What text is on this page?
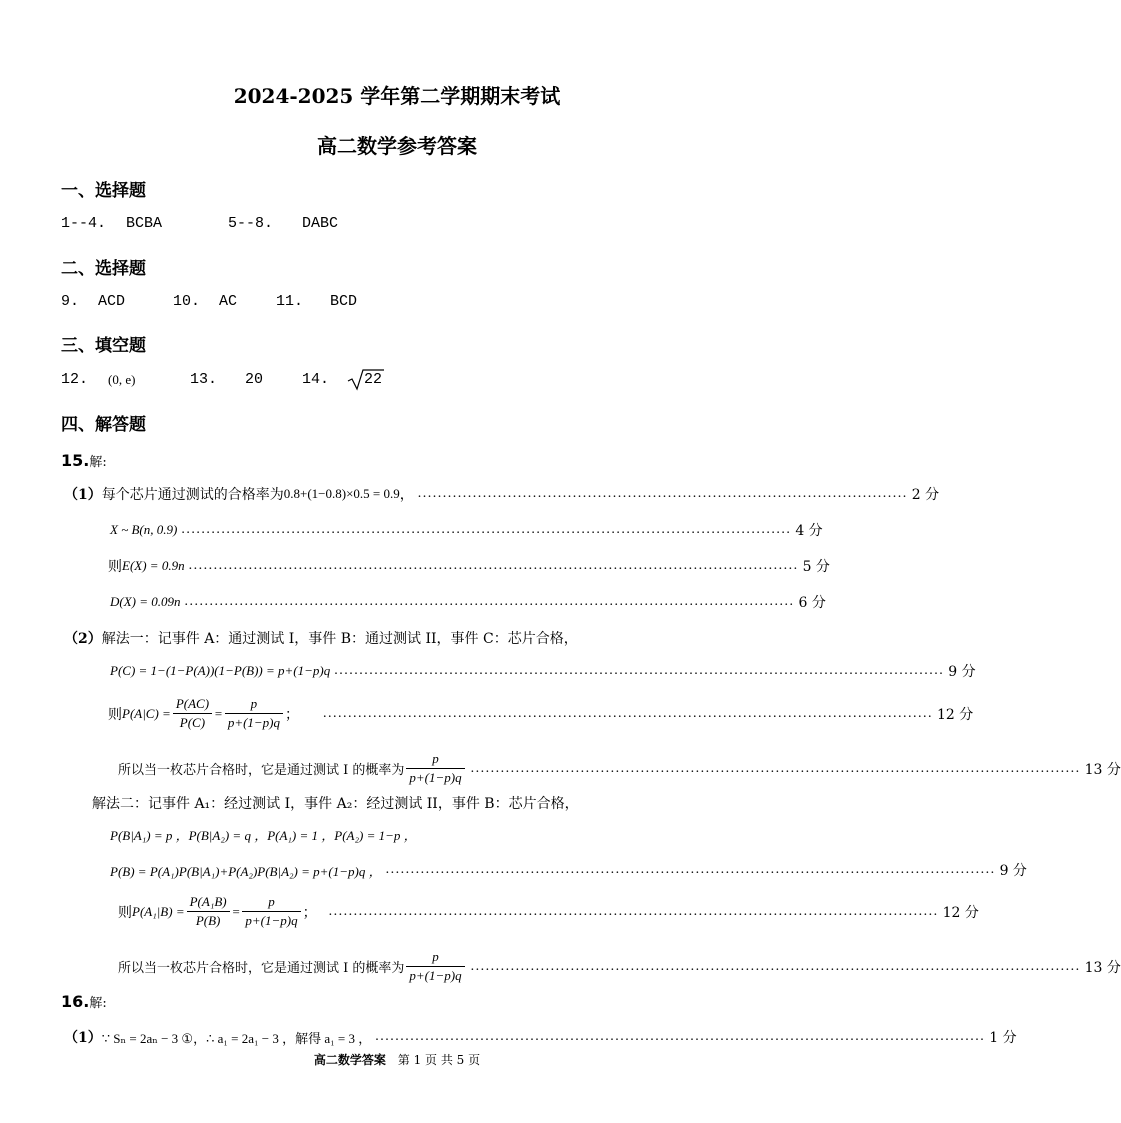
2024-2025 学年第二学期期末考试
高二数学参考答案
一、选择题
1--4. BCBA	5--8. DABC
二、选择题
9. ACD	10. AC	11. BCD
三、填空题
12. (0, e)	13. 20	14. 22
四、解答题
15.解:
（1） 每个芯片通过测试的合格率为 0.8+(1−0.8)×0.5 = 0.9 ， .................................................................................................. 2 分
X ~ B(n, 0.9) .......................................................................................................................... 4 分
则 E(X) = 0.9n .......................................................................................................................... 5 分
D(X) = 0.09n .......................................................................................................................... 6 分
（2）解法一：记事件 A：通过测试 I，事件 B：通过测试 II，事件 C：芯片合格，
P(C) = 1−(1−P(A))(1−P(B)) = p+(1−p)q .......................................................................................................................... 9 分
则 $P(A|C) = \frac{P(AC)}{P(C)} = \frac{p}{p+(1-p)q}$ ； .......................................................................................................................... 12 分
所以当一枚芯片合格时，它是通过测试 I 的概率为 $\frac{p}{p+(1-p)q}$ .......................................................................................................................... 13 分
解法二：记事件 A₁：经过测试 I，事件 A₂：经过测试 II，事件 B：芯片合格，
P(B|A₁) = p ，P(B|A₂) = q ，P(A₁) = 1 ，P(A₂) = 1−p ，
P(B) = P(A₁)P(B|A₁)+P(A₂)P(B|A₂) = p+(1−p)q ， .......................................................................................................................... 9 分
则 $P(A_1|B) = \frac{\text{P(A₁B)}}{P(B)} = \frac{p}{p+(1-p)q}$ ； .......................................................................................................................... 12 分
所以当一枚芯片合格时，它是通过测试 I 的概率为 $\frac{p}{p+(1-p)q}$ .......................................................................................................................... 13 分
16.解:
（1） ∵ Sₙ = 2aₙ − 3 ①，∴ a₁ = 2a₁ − 3 ，解得 a₁ = 3 ， .......................................................................................................................... 1 分
高二数学答案 第 1 页 共 5 页
